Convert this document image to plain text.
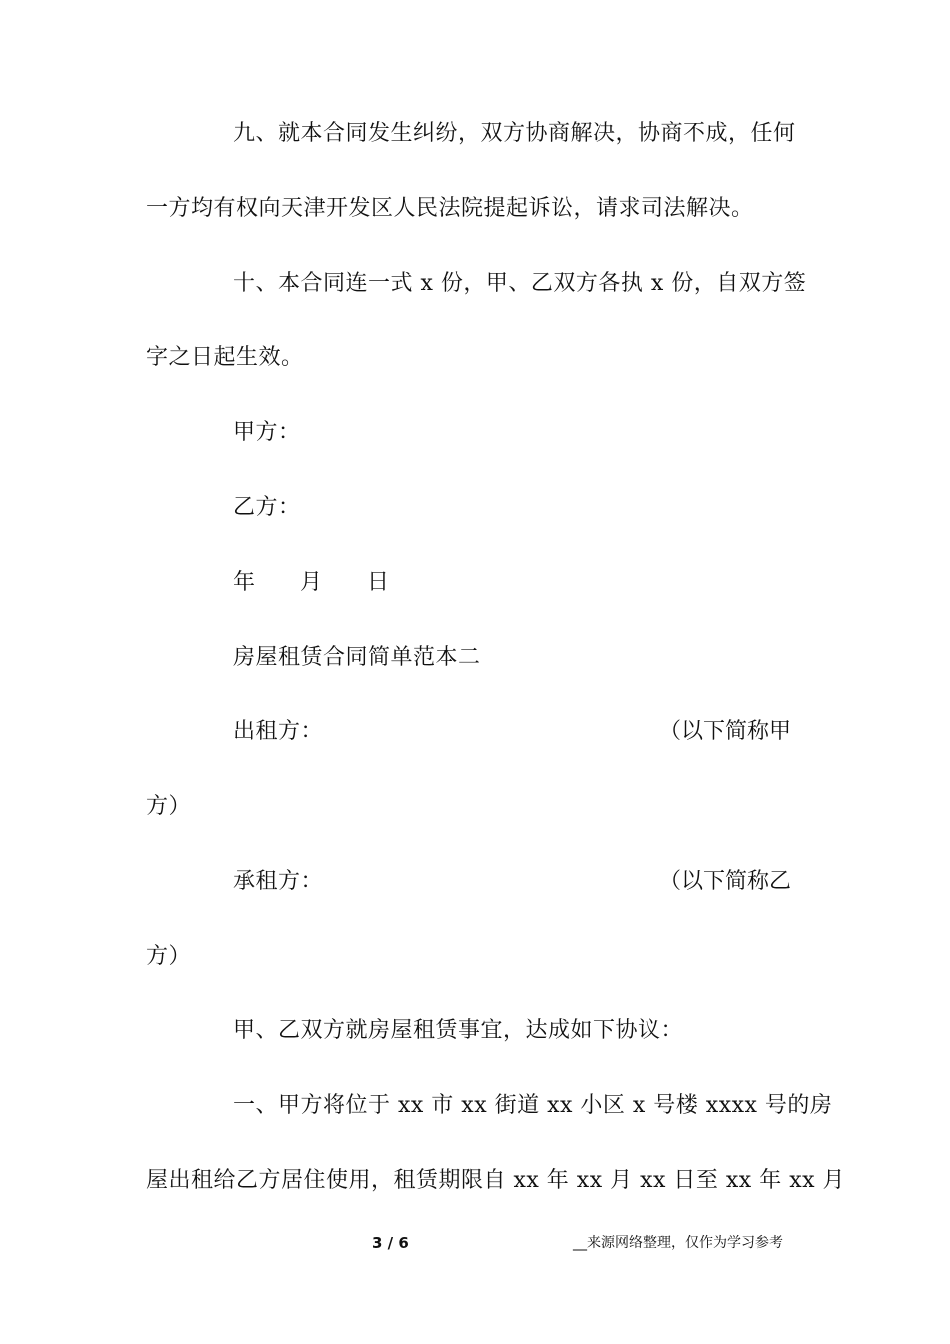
九、就本合同发生纠纷，双方协商解决，协商不成，任何
一方均有权向天津开发区人民法院提起诉讼，请求司法解决。
十、本合同连一式 x 份，甲、乙双方各执 x 份，自双方签
字之日起生效。
甲方：
乙方：
年 月 日
房屋租赁合同简单范本二
出租方：	（以下简称甲
方）
承租方：	（以下简称乙
方）
甲、乙双方就房屋租赁事宜，达成如下协议：
一、甲方将位于 xx 市 xx 街道 xx 小区 x 号楼 xxxx 号的房
屋出租给乙方居住使用，租赁期限自 xx 年 xx 月 xx 日至 xx 年 xx 月
3 / 6	__来源网络整理，仅作为学习参考
